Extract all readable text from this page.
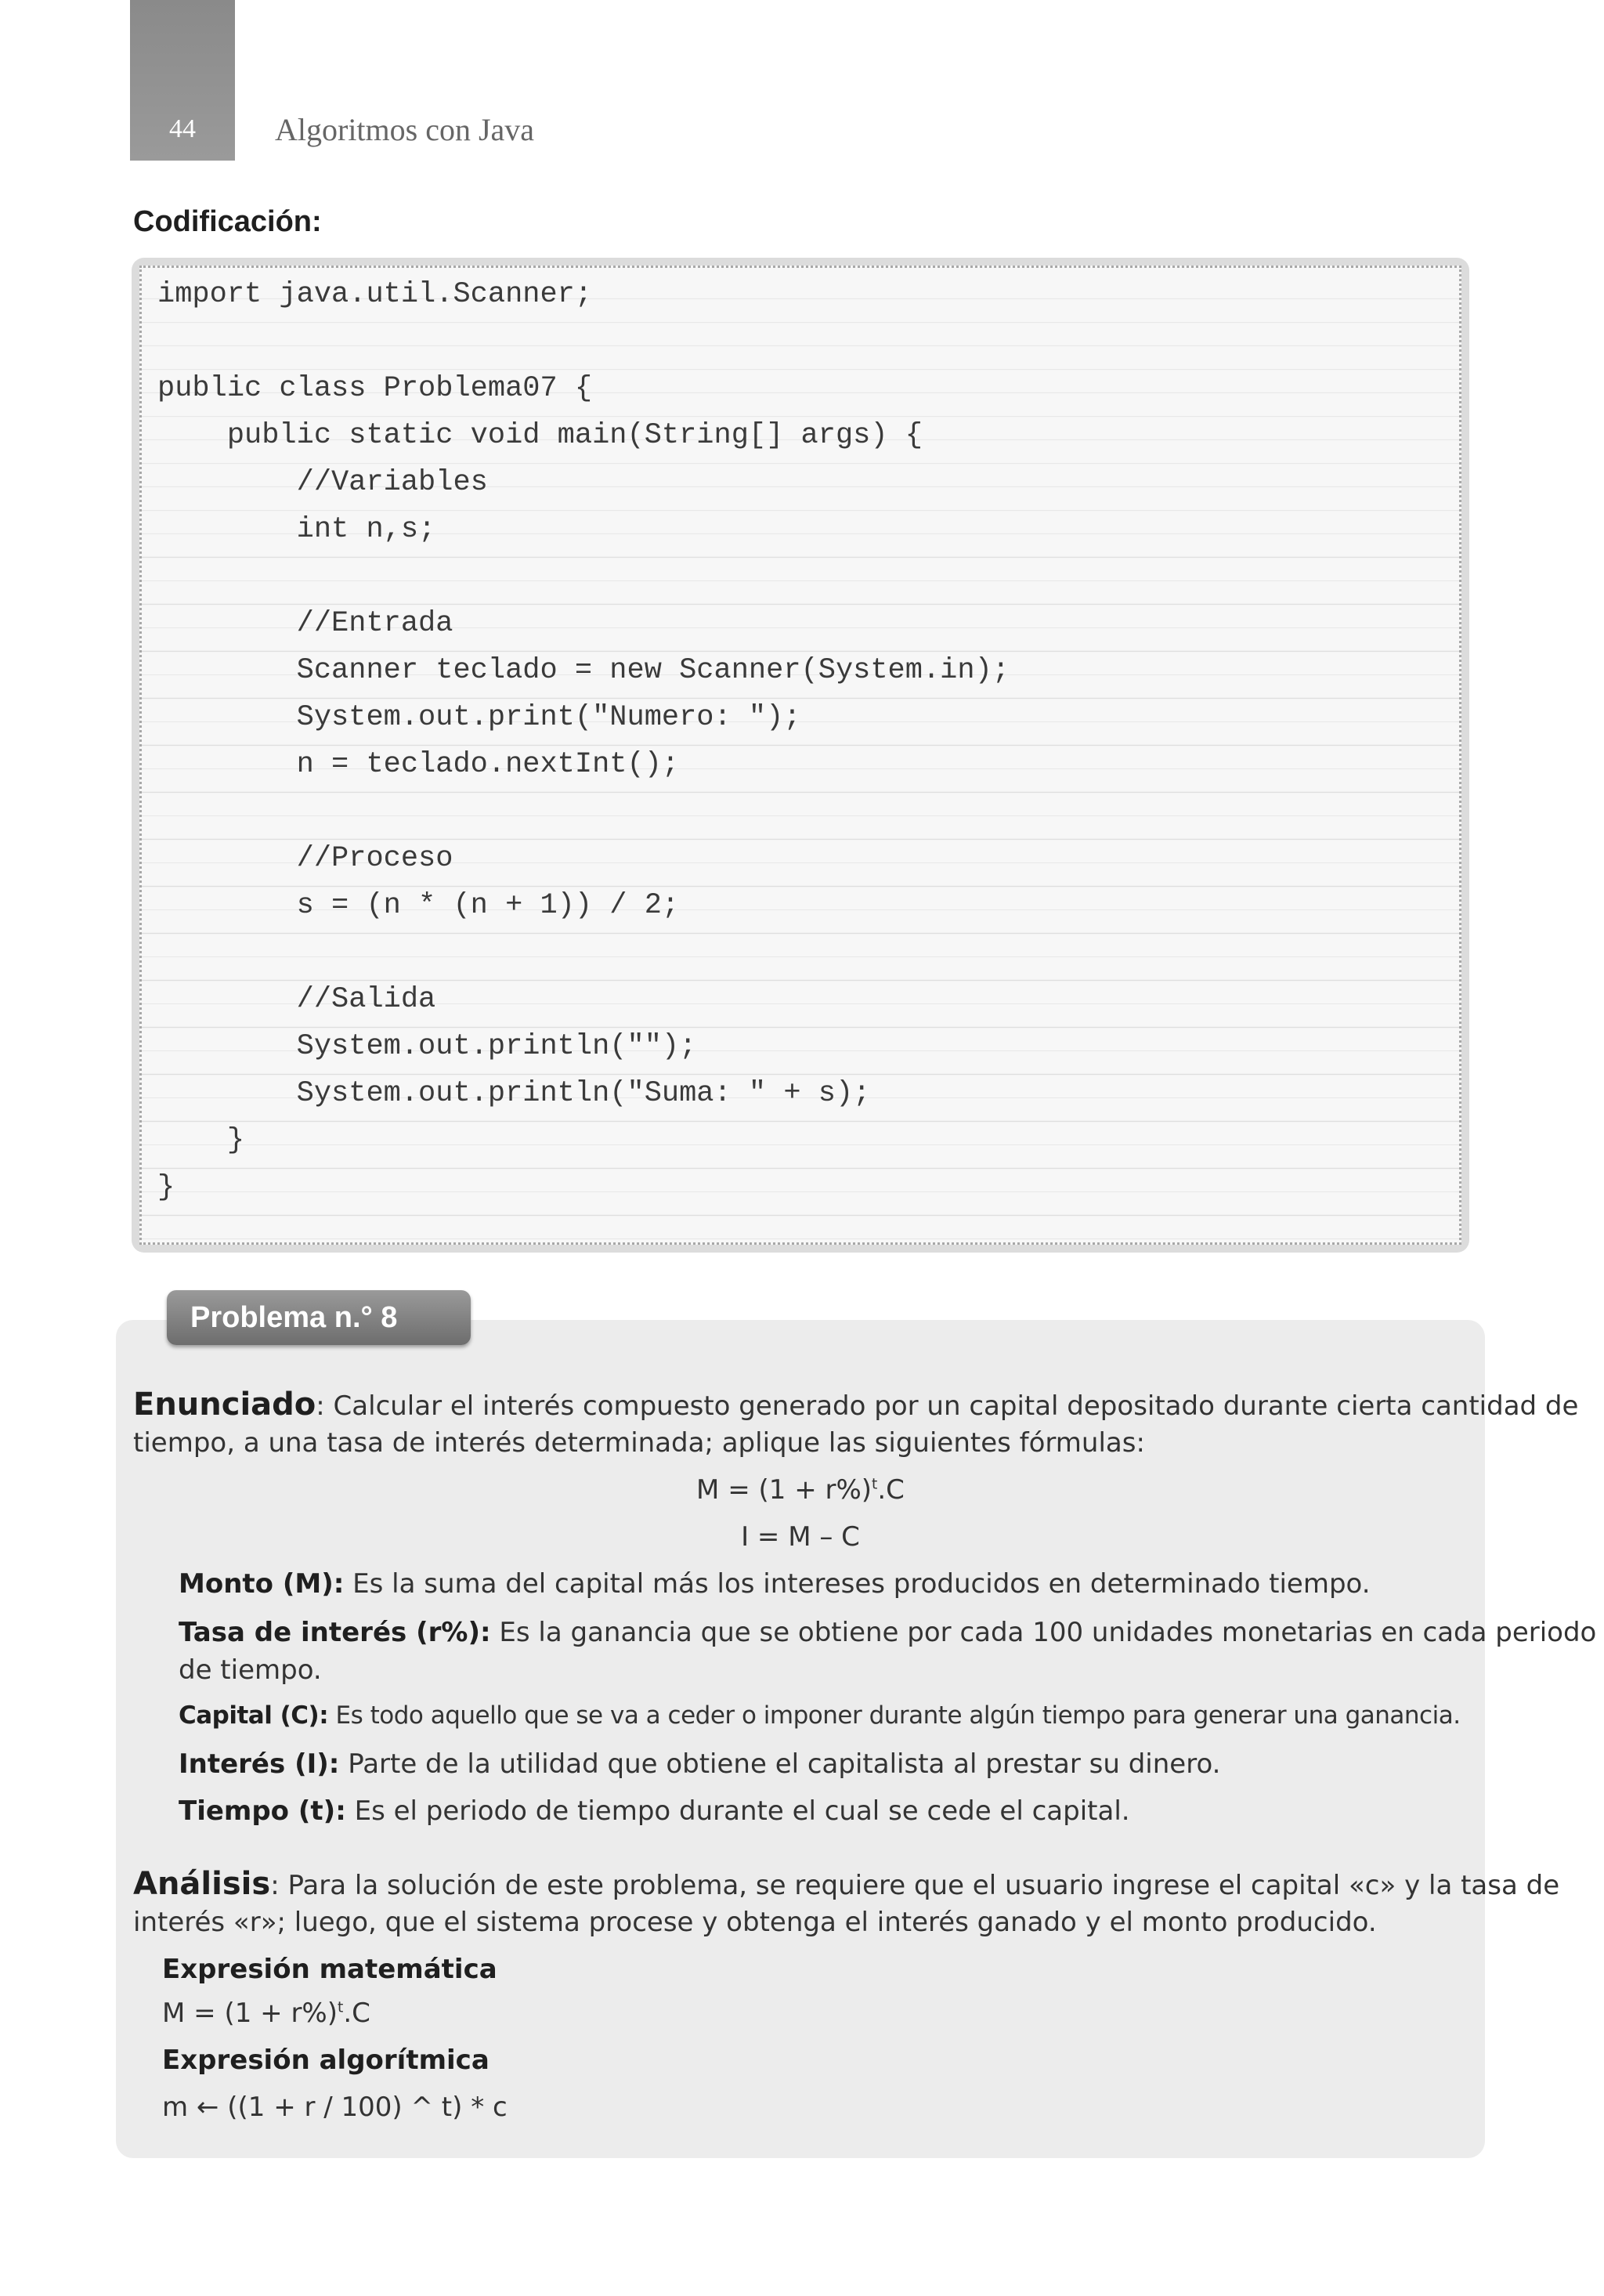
44	Algoritmos con Java
Codificación:
import java.util.Scanner;
public class Problema07 {
public static void main(String[] args) {
//Variables
int n,s;
//Entrada
Scanner teclado = new Scanner(System.in);
System.out.print("Numero: ");
n = teclado.nextInt();
//Proceso
s = (n * (n + 1)) / 2;
//Salida
System.out.println("");
System.out.println("Suma: " + s);
}
}
Problema n.° 8
Enunciado: Calcular el interés compuesto generado por un capital depositado durante cierta cantidad de
tiempo, a una tasa de interés determinada; aplique las siguientes fórmulas:
$M = (1 + r\%)^t.C$
I = M – C
Monto (M): Es la suma del capital más los intereses producidos en determinado tiempo.
Tasa de interés (r%): Es la ganancia que se obtiene por cada 100 unidades monetarias en cada periodo
de tiempo.
Capital (C): Es todo aquello que se va a ceder o imponer durante algún tiempo para generar una ganancia.
Interés (I): Parte de la utilidad que obtiene el capitalista al prestar su dinero.
Tiempo (t): Es el periodo de tiempo durante el cual se cede el capital.
Análisis: Para la solución de este problema, se requiere que el usuario ingrese el capital «c» y la tasa de
interés «r»; luego, que el sistema procese y obtenga el interés ganado y el monto producido.
Expresión matemática
$M = (1 + r\%)^t.C$
Expresión algorítmica
m ← ((1 + r / 100) ^ t) * c
